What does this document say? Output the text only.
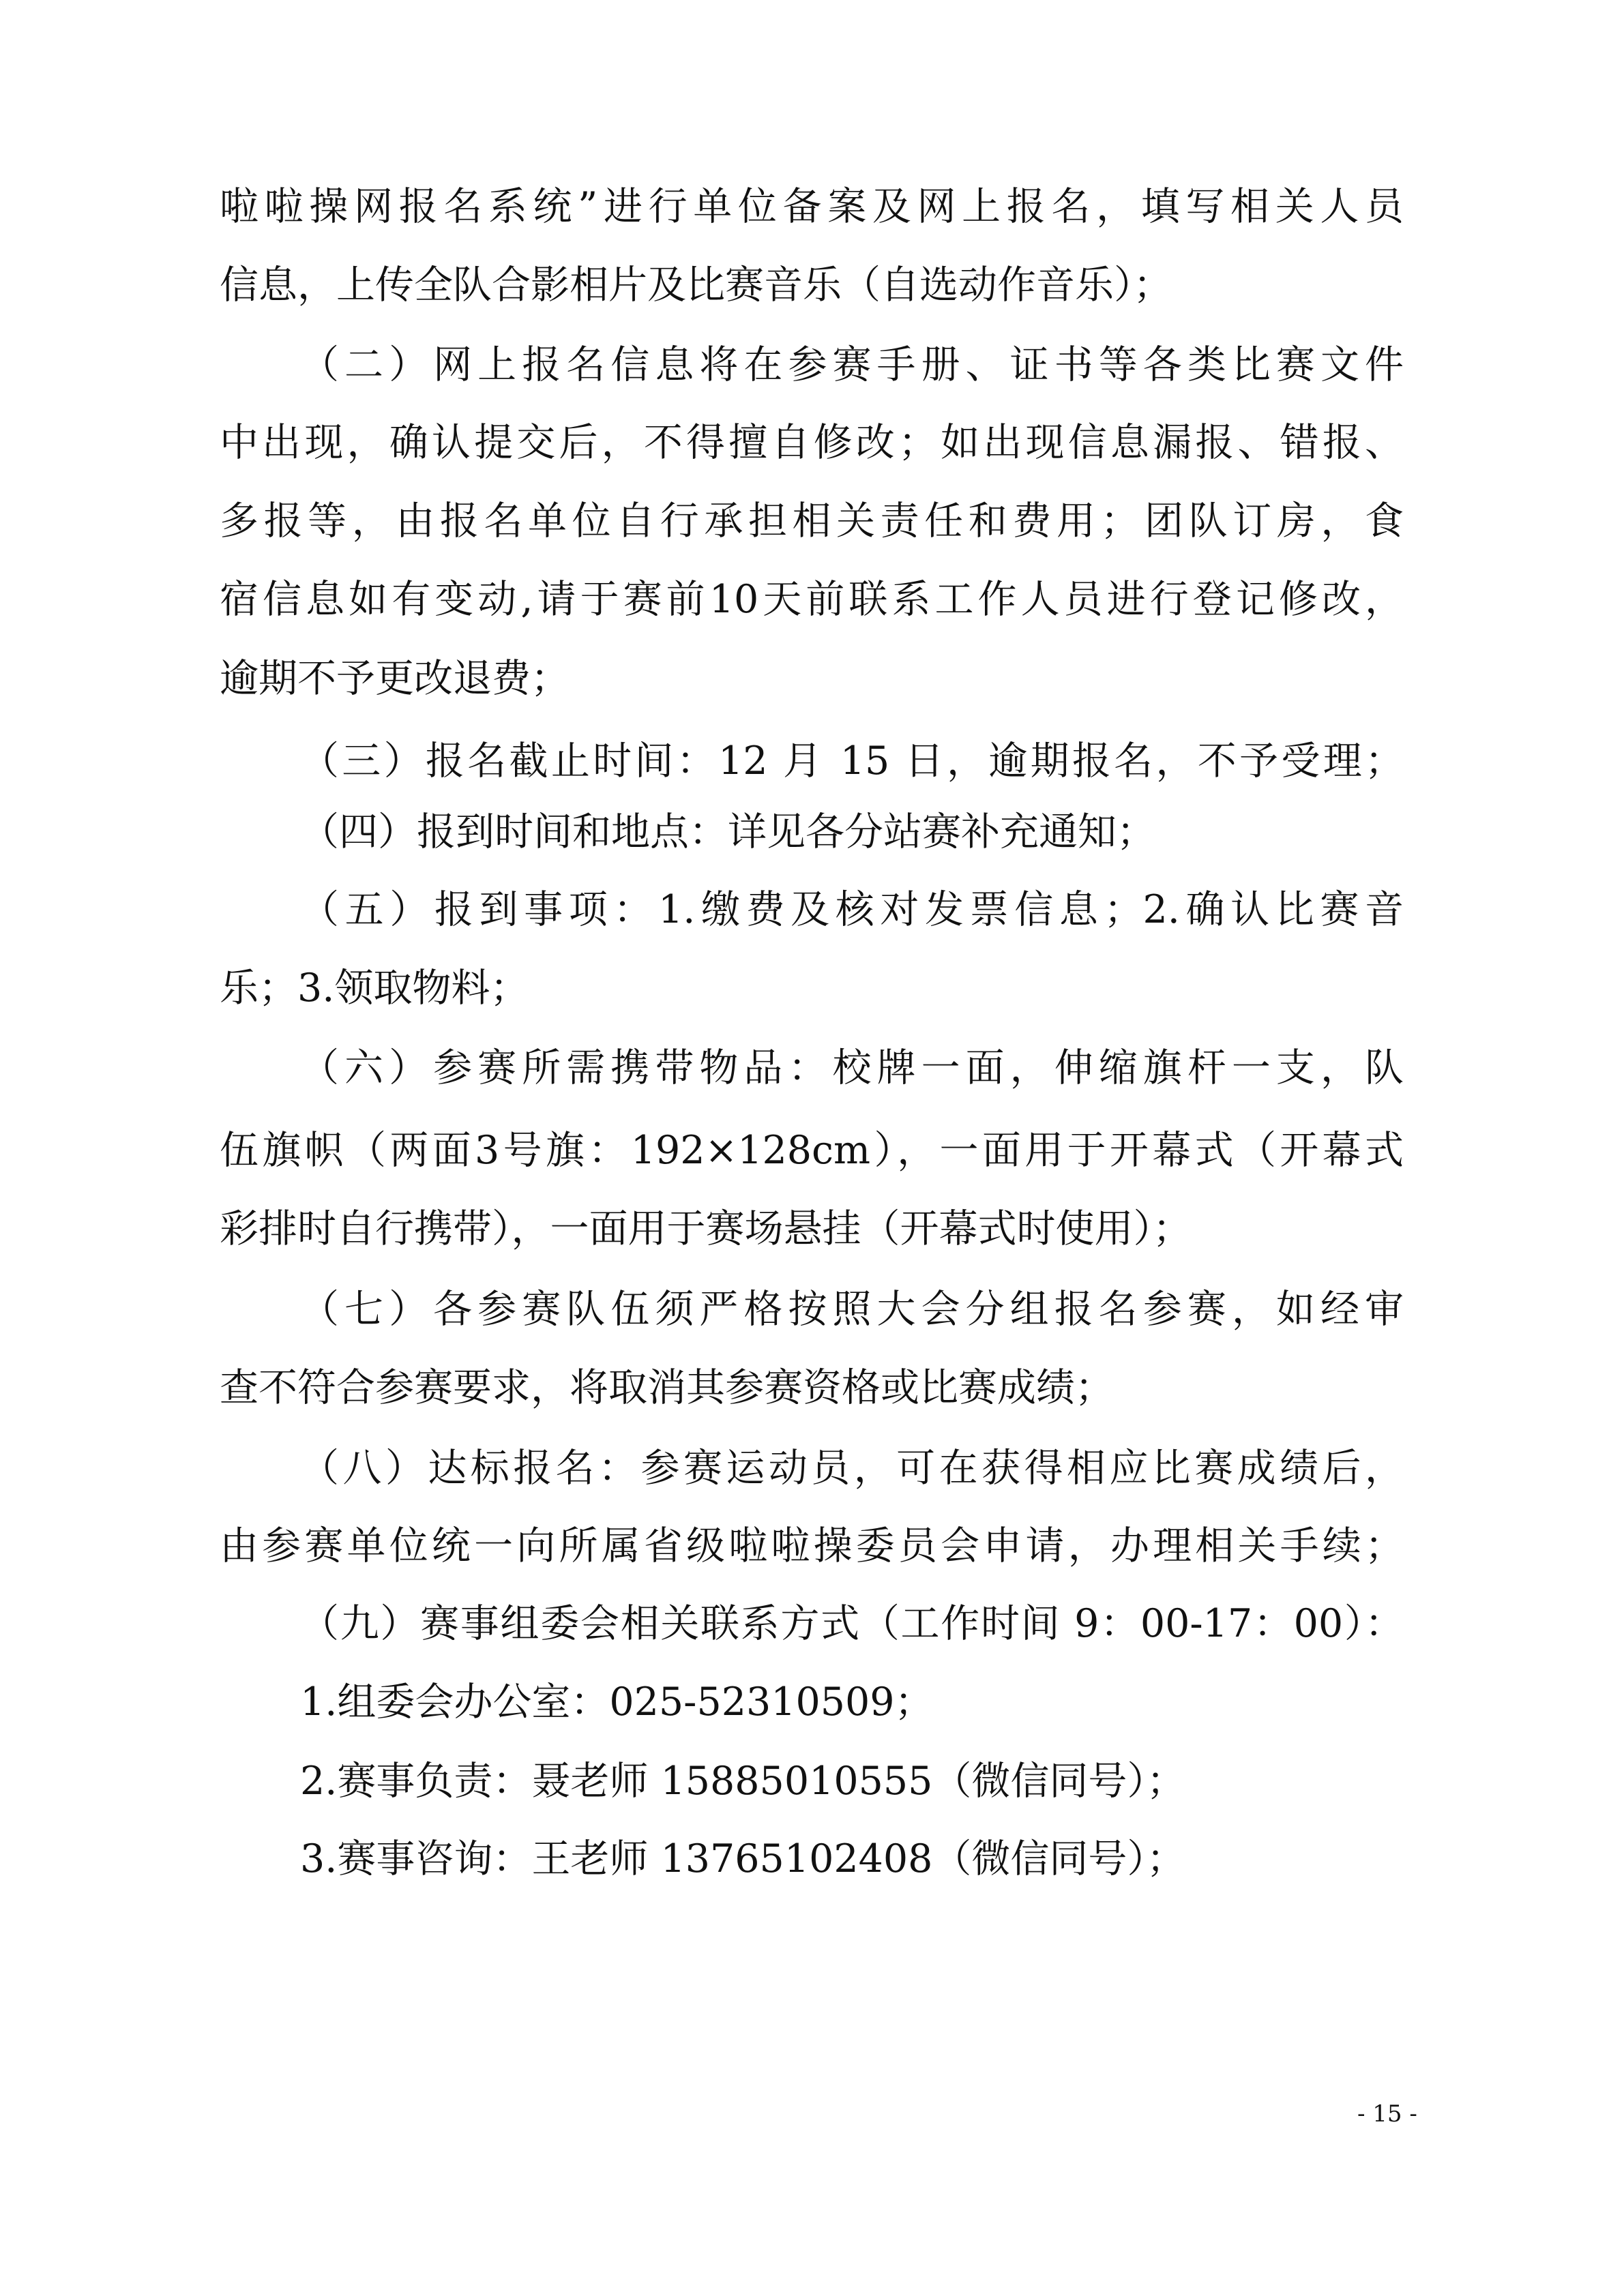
啦啦操网报名系统”进行单位备案及网上报名，填写相关人员
信息，上传全队合影相片及比赛音乐（自选动作音乐）；
（二）网上报名信息将在参赛手册、证书等各类比赛文件
中出现，确认提交后，不得擅自修改；如出现信息漏报、错报、
多报等，由报名单位自行承担相关责任和费用；团队订房，食
宿信息如有变动,请于赛前10天前联系工作人员进行登记修改，
逾期不予更改退费；
（三）报名截止时间：12 月 15 日，逾期报名，不予受理；
（四）报到时间和地点：详见各分站赛补充通知；
（五）报到事项：1.缴费及核对发票信息；2.确认比赛音
乐；3.领取物料；
（六）参赛所需携带物品：校牌一面，伸缩旗杆一支，队
伍旗帜（两面3号旗：192×128cm），一面用于开幕式（开幕式
彩排时自行携带），一面用于赛场悬挂（开幕式时使用）；
（七）各参赛队伍须严格按照大会分组报名参赛，如经审
查不符合参赛要求，将取消其参赛资格或比赛成绩；
（八）达标报名：参赛运动员，可在获得相应比赛成绩后，
由参赛单位统一向所属省级啦啦操委员会申请，办理相关手续；
（九）赛事组委会相关联系方式（工作时间 9：00-17：00）：
1.组委会办公室：025-52310509；
2.赛事负责：聂老师 15885010555（微信同号）；
3.赛事咨询：王老师 13765102408（微信同号）；
- 15 -
